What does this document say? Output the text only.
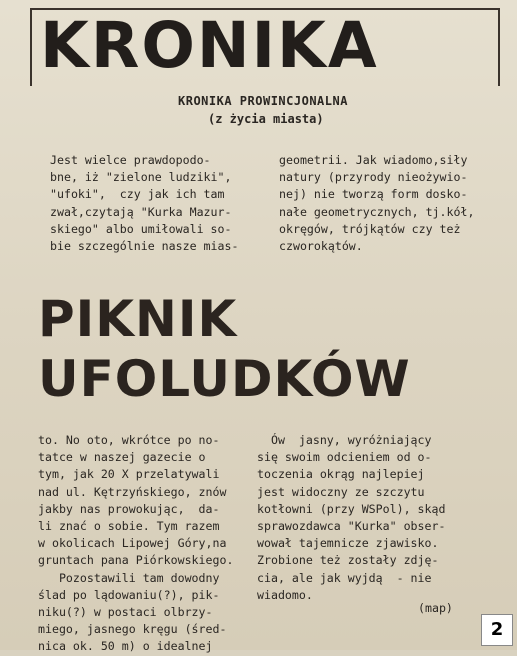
KRONIKA
KRONIKA PROWINCJONALNA
(z życia miasta)
Jest wielce prawdopodo-
bne, iż "zielone ludziki",
"ufoki",  czy jak ich tam
zwał,czytają "Kurka Mazur-
skiego" albo umiłowali so-
bie szczególnie nasze mias-
geometrii. Jak wiadomo,siły
natury (przyrody nieożywio-
nej) nie tworzą form dosko-
nałe geometrycznych, tj.kół,
okręgów, trójkątów czy też
czworokątów.
PIKNIK
UFOLUDKÓW
to. No oto, wkrótce po no-
tatce w naszej gazecie o
tym, jak 20 X przelatywali
nad ul. Kętrzyńskiego, znów
jakby nas prowokując,  da-
li znać o sobie. Tym razem
w okolicach Lipowej Góry,na
gruntach pana Piórkowskiego.
Pozostawili tam dowodny
ślad po lądowaniu(?), pik-
niku(?) w postaci olbrzy-
miego, jasnego kręgu (śred-
nica ok. 50 m) o idealnej
Ów  jasny, wyróżniający
się swoim odcieniem od o-
toczenia okrąg najlepiej
jest widoczny ze szczytu
kotłowni (przy WSPol), skąd
sprawozdawca "Kurka" obser-
wował tajemnicze zjawisko.
Zrobione też zostały zdję-
cia, ale jak wyjdą  - nie
wiadomo.
(map)
2
